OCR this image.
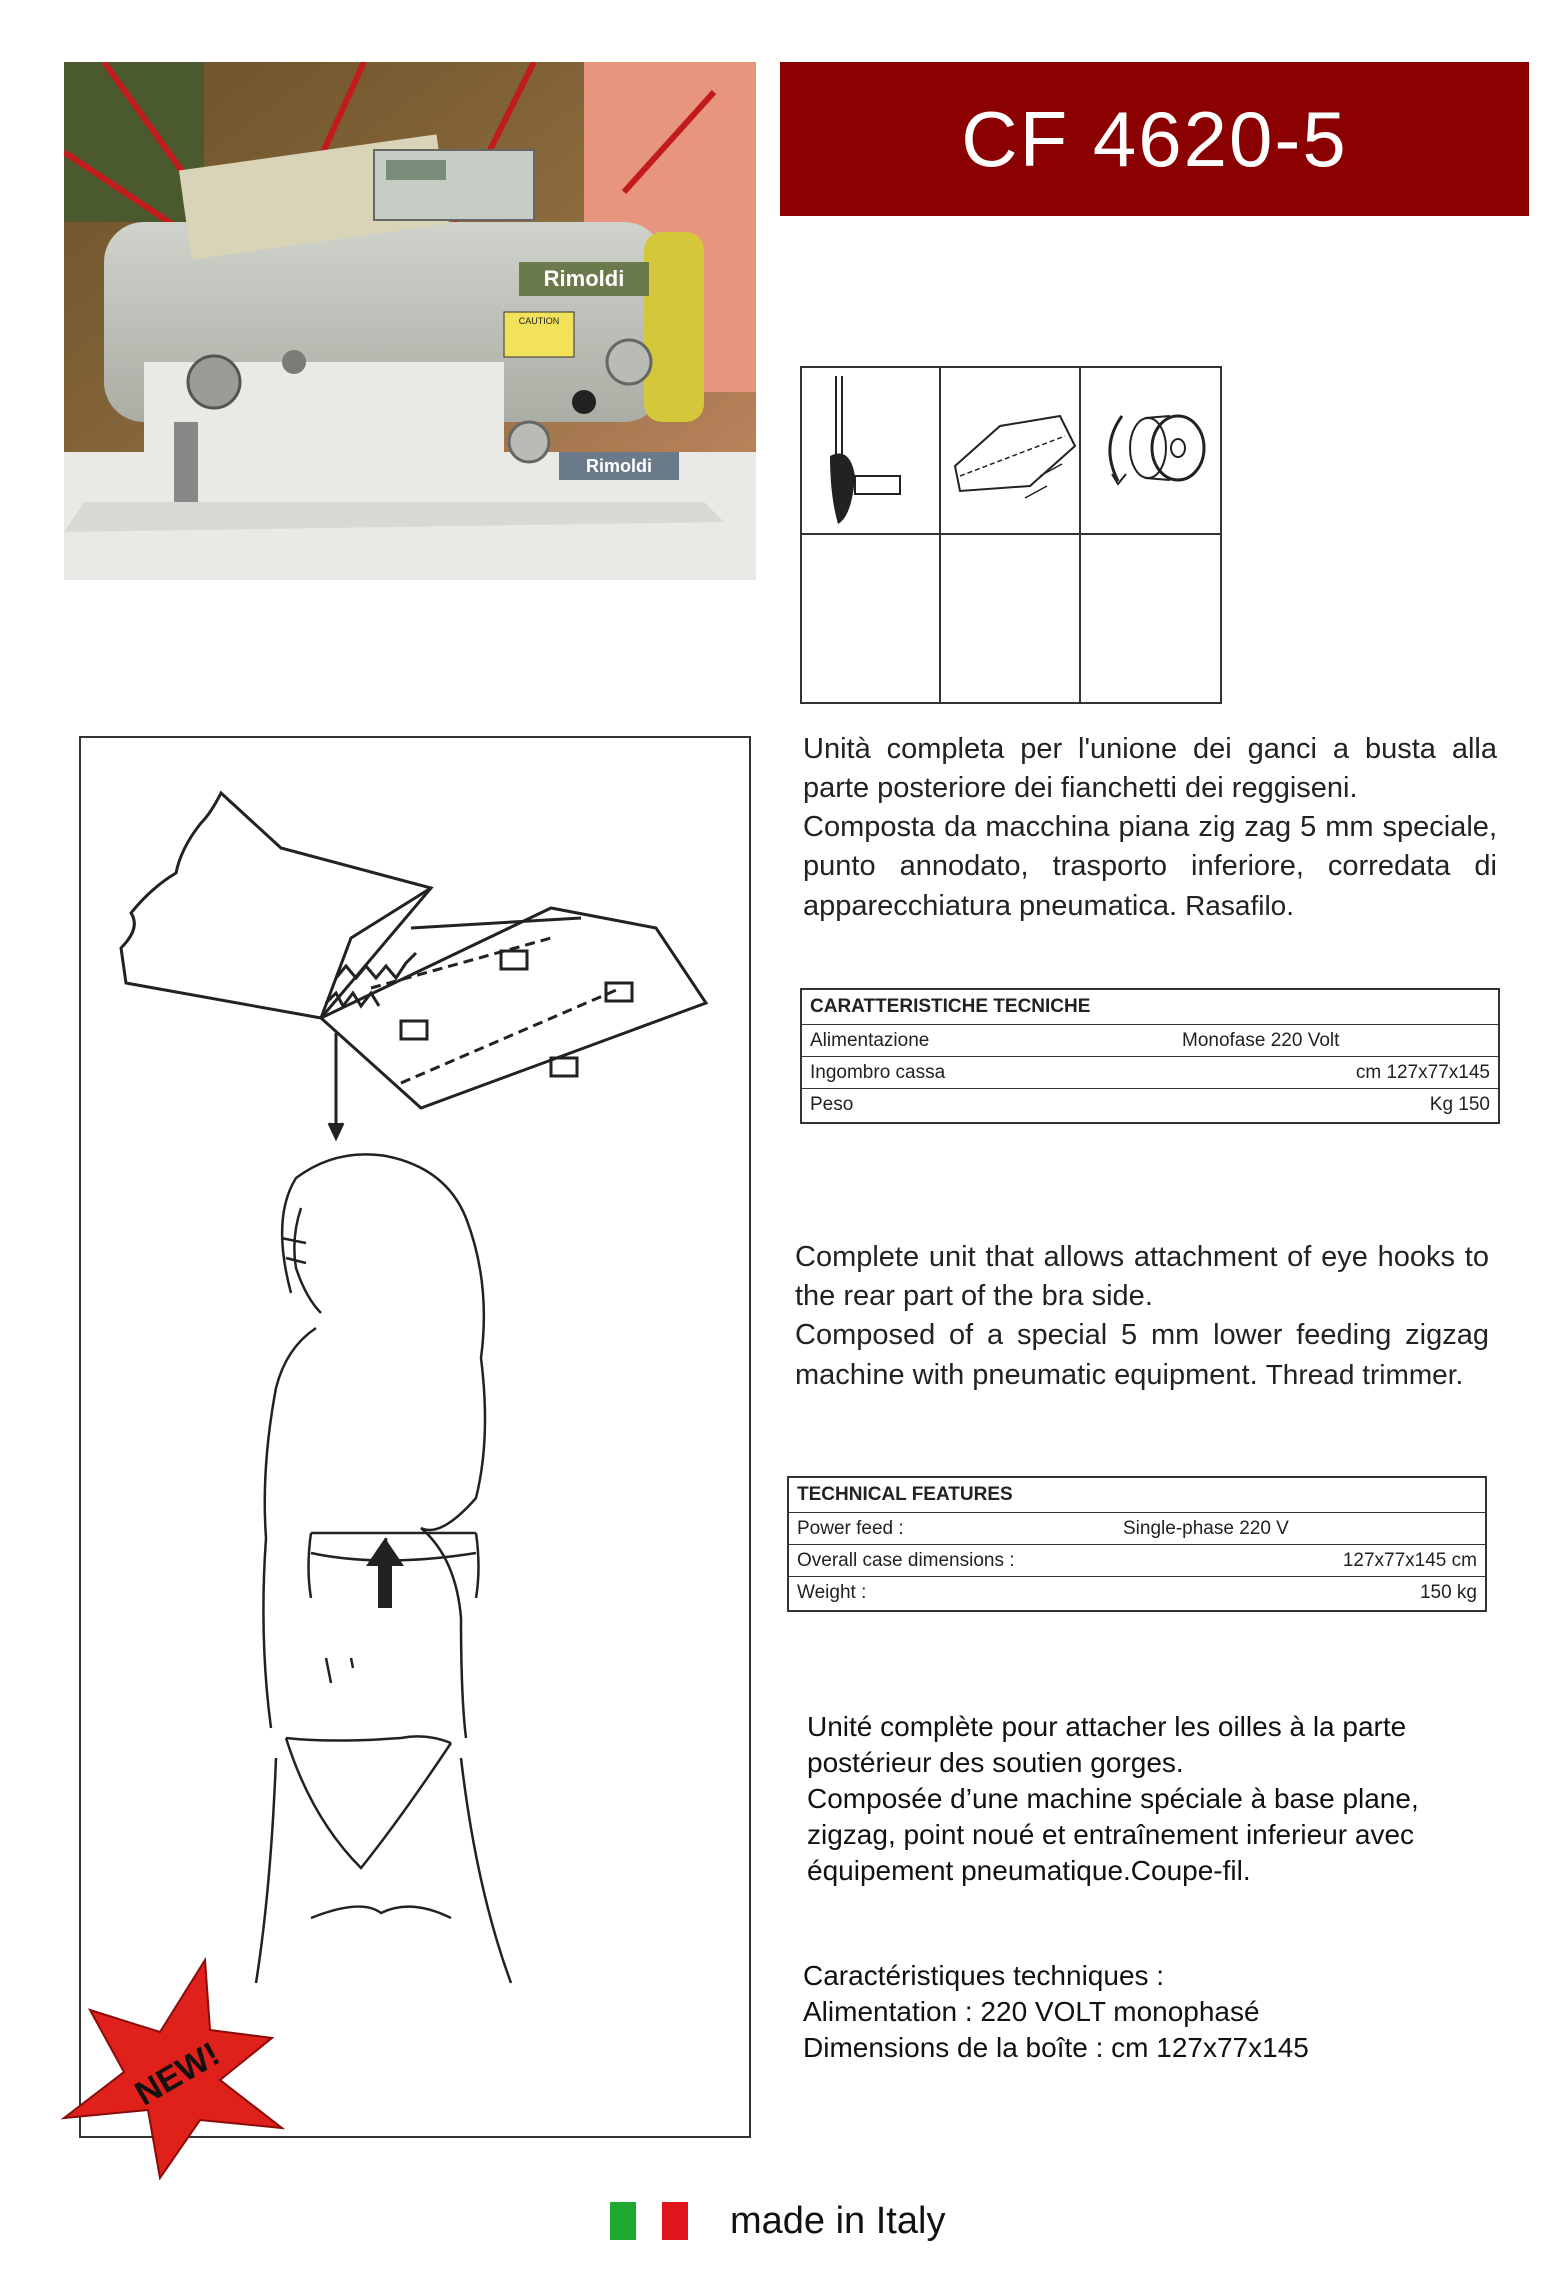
Rimoldi
CAUTION
Rimoldi
CF 4620-5
Unità completa per l'unione dei ganci a busta alla parte posteriore dei fianchetti dei reggiseni.
Composta da macchina piana zig zag 5 mm speciale, punto annodato, trasporto inferiore, corredata di apparecchiatura pneumatica. Rasafilo.
CARATTERISTICHE TECNICHE
Alimentazione	Monofase 220 Volt
Ingombro cassa	cm 127x77x145
Peso	Kg 150
Complete unit that allows attachment of eye hooks to the rear part of the bra side.
Composed of a special 5 mm lower feeding zigzag machine with pneumatic equipment. Thread trimmer.
TECHNICAL FEATURES
Power feed :	Single-phase 220 V
Overall case dimensions :	127x77x145 cm
Weight :	150 kg
Unité complète pour attacher les oilles à la parte postérieur des soutien gorges.
Composée d’une machine spéciale à base plane, zigzag, point noué et entraînement inferieur avec équipement pneumatique.Coupe-fil.
Caractéristiques techniques :
Alimentation : 220 VOLT monophasé
Dimensions de la boîte : cm 127x77x145
NEW!
made in Italy
